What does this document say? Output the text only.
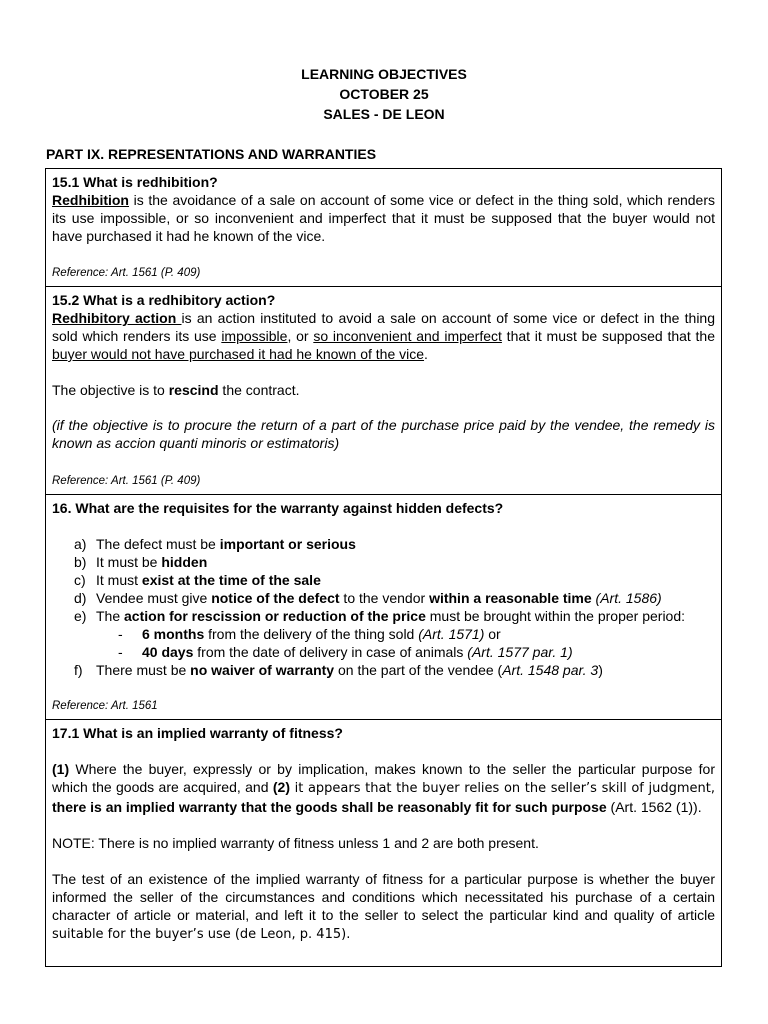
LEARNING OBJECTIVES
OCTOBER 25
SALES - DE LEON
PART IX. REPRESENTATIONS AND WARRANTIES

15.1 What is redhibition?

Redhibition is the avoidance of a sale on account of some vice or defect in the thing sold, which renders its use impossible, or so inconvenient and imperfect that it must be supposed that the buyer would not have purchased it had he known of the vice.

Reference: Art. 1561 (P. 409)

15.2 What is a redhibitory action?

Redhibitory action is an action instituted to avoid a sale on account of some vice or defect in the thing sold which renders its use impossible, or so inconvenient and imperfect that it must be supposed that the buyer would not have purchased it had he known of the vice.

The objective is to rescind the contract.

(if the objective is to procure the return of a part of the purchase price paid by the vendee, the remedy is known as accion quanti minoris or estimatoris)

Reference: Art. 1561 (P. 409)

16. What are the requisites for the warranty against hidden defects?

a) The defect must be important or serious
b) It must be hidden
c) It must exist at the time of the sale
d) Vendee must give notice of the defect to the vendor within a reasonable time (Art. 1586)
e) The action for rescission or reduction of the price must be brought within the proper period:
- 6 months from the delivery of the thing sold (Art. 1571) or
- 40 days from the date of delivery in case of animals (Art. 1577 par. 1)
f) There must be no waiver of warranty on the part of the vendee (Art. 1548 par. 3)
Reference: Art. 1561

17.1 What is an implied warranty of fitness?

(1) Where the buyer, expressly or by implication, makes known to the seller the particular purpose for which the goods are acquired, and (2) it appears that the buyer relies on the seller’s skill of judgment, there is an implied warranty that the goods shall be reasonably fit for such purpose (Art. 1562 (1)).

NOTE: There is no implied warranty of fitness unless 1 and 2 are both present.

The test of an existence of the implied warranty of fitness for a particular purpose is whether the buyer informed the seller of the circumstances and conditions which necessitated his purchase of a certain character of article or material, and left it to the seller to select the particular kind and quality of article suitable for the buyer’s use (de Leon, p. 415).
